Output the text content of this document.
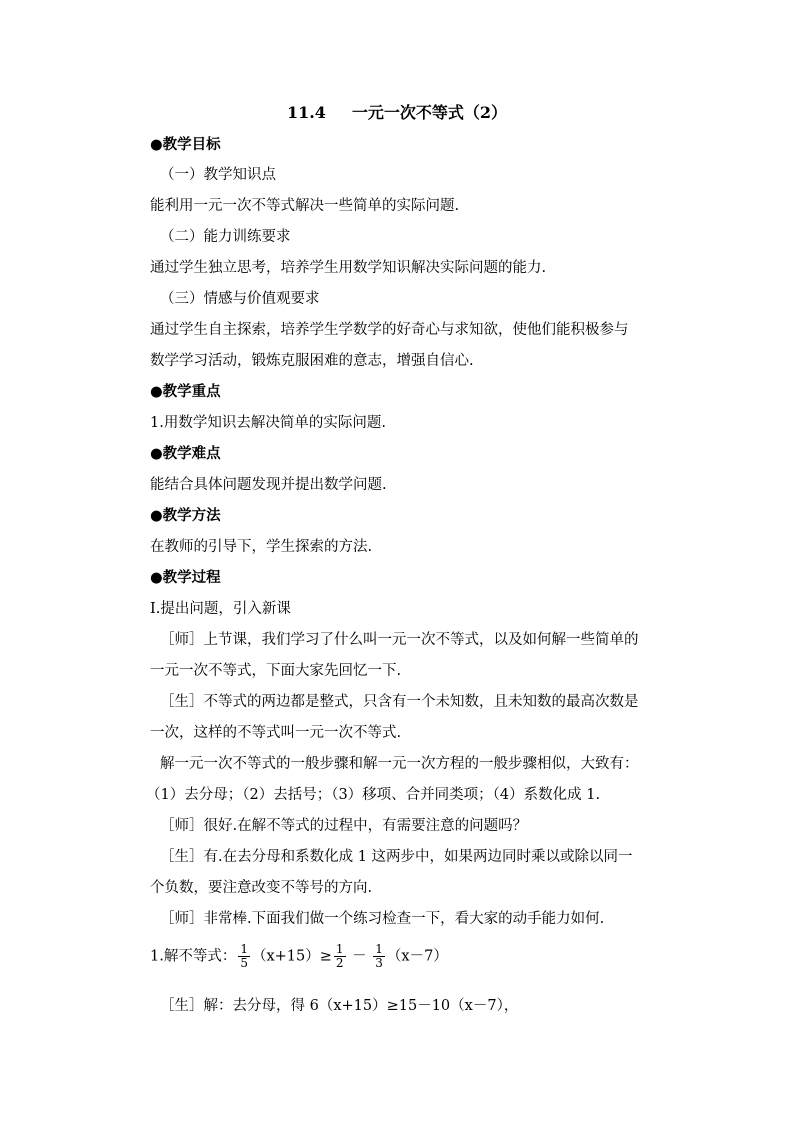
11.4 一元一次不等式（2）
●教学目标
（一）教学知识点
能利用一元一次不等式解决一些简单的实际问题.
（二）能力训练要求
通过学生独立思考，培养学生用数学知识解决实际问题的能力.
（三）情感与价值观要求
通过学生自主探索，培养学生学数学的好奇心与求知欲，使他们能积极参与
数学学习活动，锻炼克服困难的意志，增强自信心.
●教学重点
1.用数学知识去解决简单的实际问题.
●教学难点
能结合具体问题发现并提出数学问题.
●教学方法
在教师的引导下，学生探索的方法.
●教学过程
Ⅰ.提出问题，引入新课
［师］上节课，我们学习了什么叫一元一次不等式，以及如何解一些简单的
一元一次不等式，下面大家先回忆一下.
［生］不等式的两边都是整式，只含有一个未知数，且未知数的最高次数是
一次，这样的不等式叫一元一次不等式.
解一元一次不等式的一般步骤和解一元一次方程的一般步骤相似，大致有：
（1）去分母；（2）去括号；（3）移项、合并同类项；（4）系数化成 1.
［师］很好.在解不等式的过程中，有需要注意的问题吗？
［生］有.在去分母和系数化成 1 这两步中，如果两边同时乘以或除以同一
个负数，要注意改变不等号的方向.
［师］非常棒.下面我们做一个练习检查一下，看大家的动手能力如何.
1.解不等式： $\frac{1}{5} (x+15)\ge \frac{1}{2} - \frac{1}{3} (x-7)$
［生］解：去分母，得 6（x+15）≥15－10（x－7），
